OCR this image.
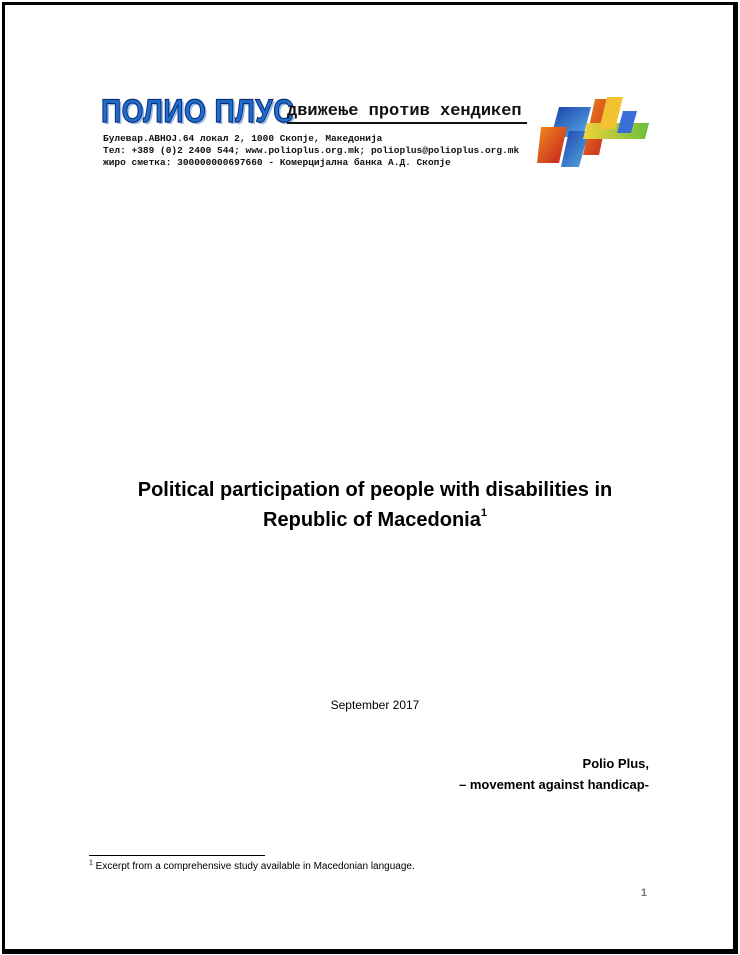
ПОЛИО ПЛУС
движење против хендикеп
Булевар.АВНОЈ.64 локал 2, 1000 Скопје, Македонија
Тел: +389 (0)2 2400 544; www.polioplus.org.mk; polioplus@polioplus.org.mk
жиро сметка: 300000000697660 - Комерцијална банка А.Д. Скопје
Political participation of people with disabilities in
Republic of Macedonia$^1$
September 2017
Polio Plus,
– movement against handicap-
$^1$ Excerpt from a comprehensive study available in Macedonian language.
1
